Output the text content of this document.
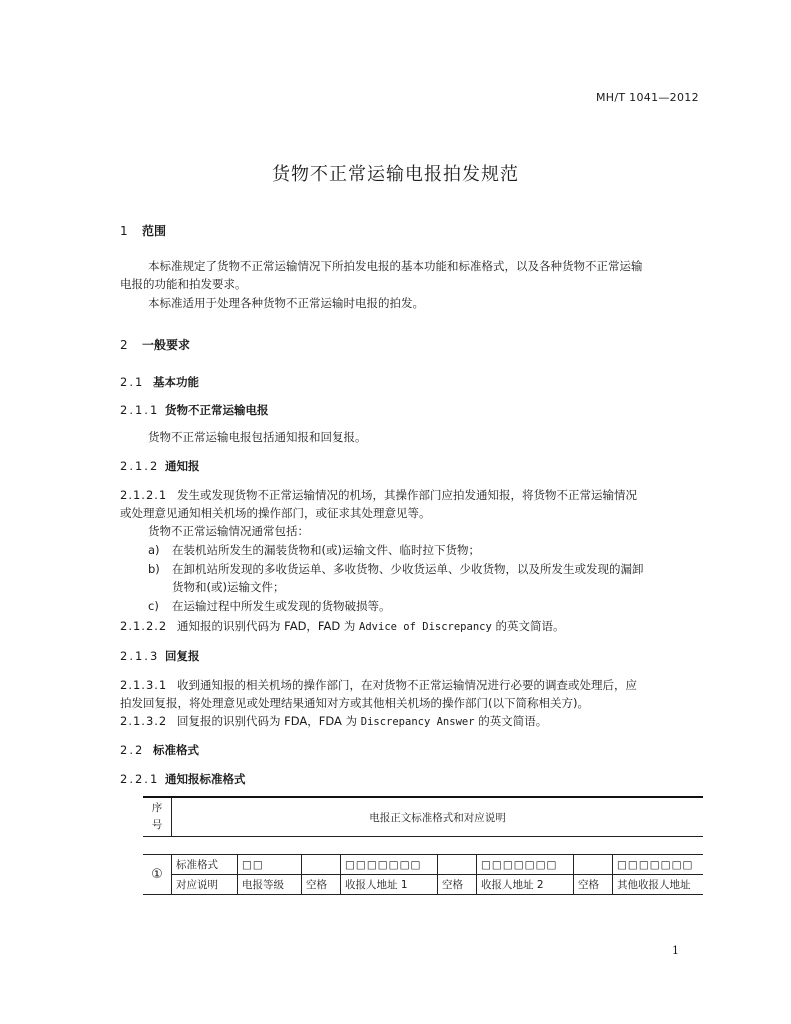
MH/T 1041—2012
货物不正常运输电报拍发规范
1 范围
本标准规定了货物不正常运输情况下所拍发电报的基本功能和标准格式，以及各种货物不正常运输
电报的功能和拍发要求。
本标准适用于处理各种货物不正常运输时电报的拍发。
2 一般要求
2.1 基本功能
2.1.1 货物不正常运输电报
货物不正常运输电报包括通知报和回复报。
2.1.2 通知报
2.1.2.1 发生或发现货物不正常运输情况的机场，其操作部门应拍发通知报，将货物不正常运输情况
或处理意见通知相关机场的操作部门，或征求其处理意见等。
货物不正常运输情况通常包括：
a) 在装机站所发生的漏装货物和(或)运输文件、临时拉下货物；
b) 在卸机站所发现的多收货运单、多收货物、少收货运单、少收货物，以及所发生或发现的漏卸
货物和(或)运输文件；
c) 在运输过程中所发生或发现的货物破损等。
2.1.2.2 通知报的识别代码为 FAD，FAD 为 Advice of Discrepancy 的英文简语。
2.1.3 回复报
2.1.3.1 收到通知报的相关机场的操作部门，在对货物不正常运输情况进行必要的调查或处理后，应
拍发回复报，将处理意见或处理结果通知对方或其他相关机场的操作部门(以下简称相关方)。
2.1.3.2 回复报的识别代码为 FDA，FDA 为 Discrepancy Answer 的英文简语。
2.2 标准格式
2.2.1 通知报标准格式
序
号
	电报正文标准格式和对应说明
①	标准格式	□□		□□□□□□□		□□□□□□□		□□□□□□□
	对应说明	电报等级	空格	收报人地址 1	空格	收报人地址 2	空格	其他收报人地址
1
